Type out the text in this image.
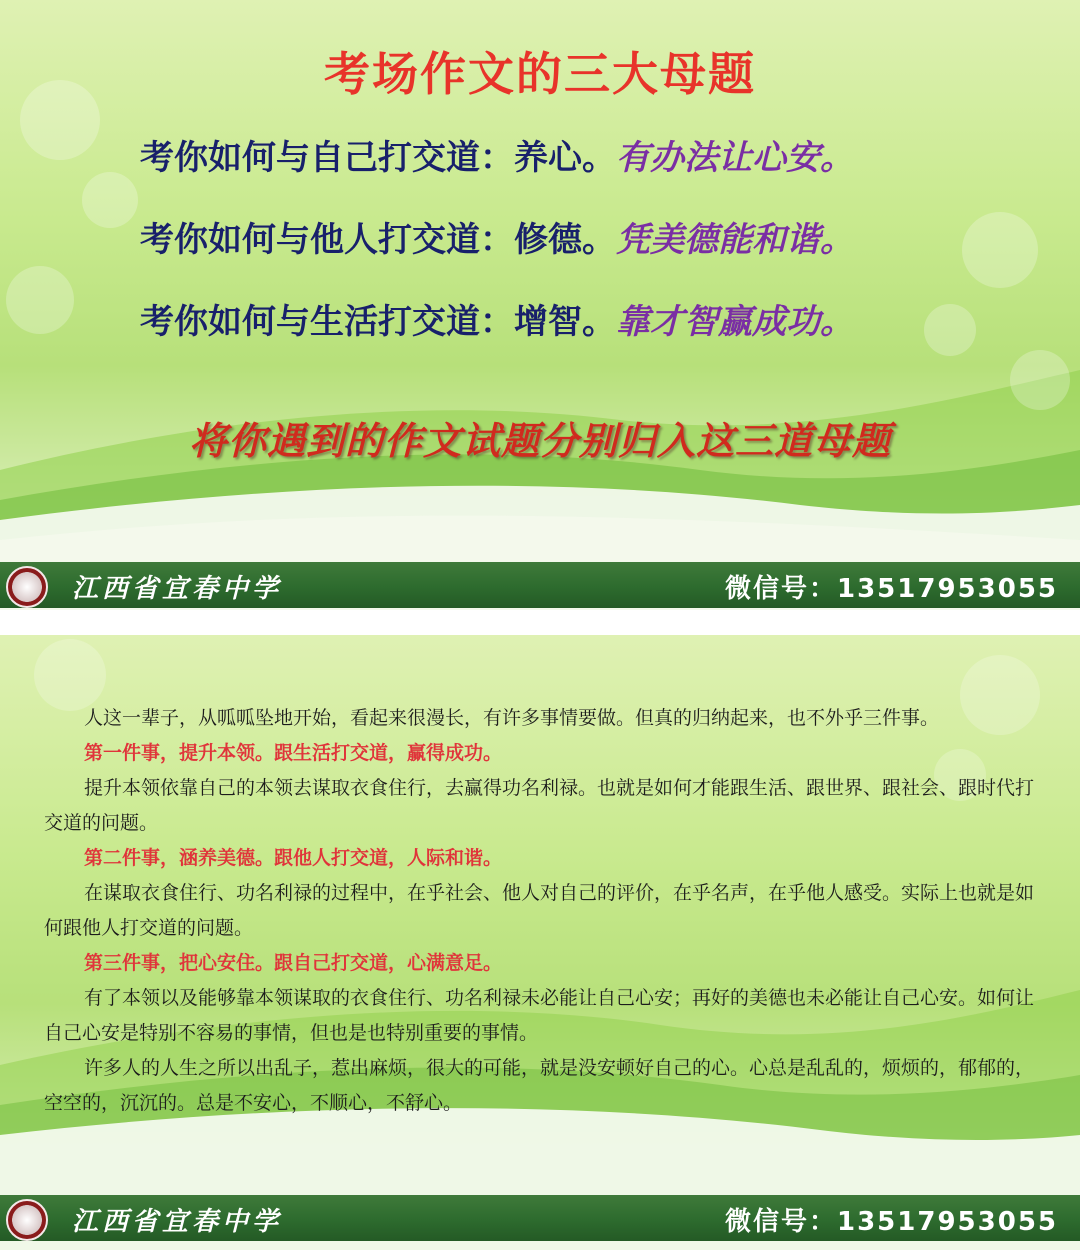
考场作文的三大母题
考你如何与自己打交道：养心。有办法让心安。
考你如何与他人打交道：修德。凭美德能和谐。
考你如何与生活打交道：增智。靠才智赢成功。
将你遇到的作文试题分别归入这三道母题
江西省宜春中学	微信号：13517953055

人这一辈子，从呱呱坠地开始，看起来很漫长，有许多事情要做。但真的归纳起来，也不外乎三件事。

第一件事，提升本领。跟生活打交道，赢得成功。

提升本领依靠自己的本领去谋取衣食住行，去赢得功名利禄。也就是如何才能跟生活、跟世界、跟社会、跟时代打交道的问题。

第二件事，涵养美德。跟他人打交道，人际和谐。

在谋取衣食住行、功名利禄的过程中，在乎社会、他人对自己的评价，在乎名声，在乎他人感受。实际上也就是如何跟他人打交道的问题。

第三件事，把心安住。跟自己打交道，心满意足。

有了本领以及能够靠本领谋取的衣食住行、功名利禄未必能让自己心安；再好的美德也未必能让自己心安。如何让自己心安是特别不容易的事情，但也是也特别重要的事情。

许多人的人生之所以出乱子，惹出麻烦，很大的可能，就是没安顿好自己的心。心总是乱乱的，烦烦的，郁郁的，空空的，沉沉的。总是不安心，不顺心，不舒心。

江西省宜春中学	微信号：13517953055
